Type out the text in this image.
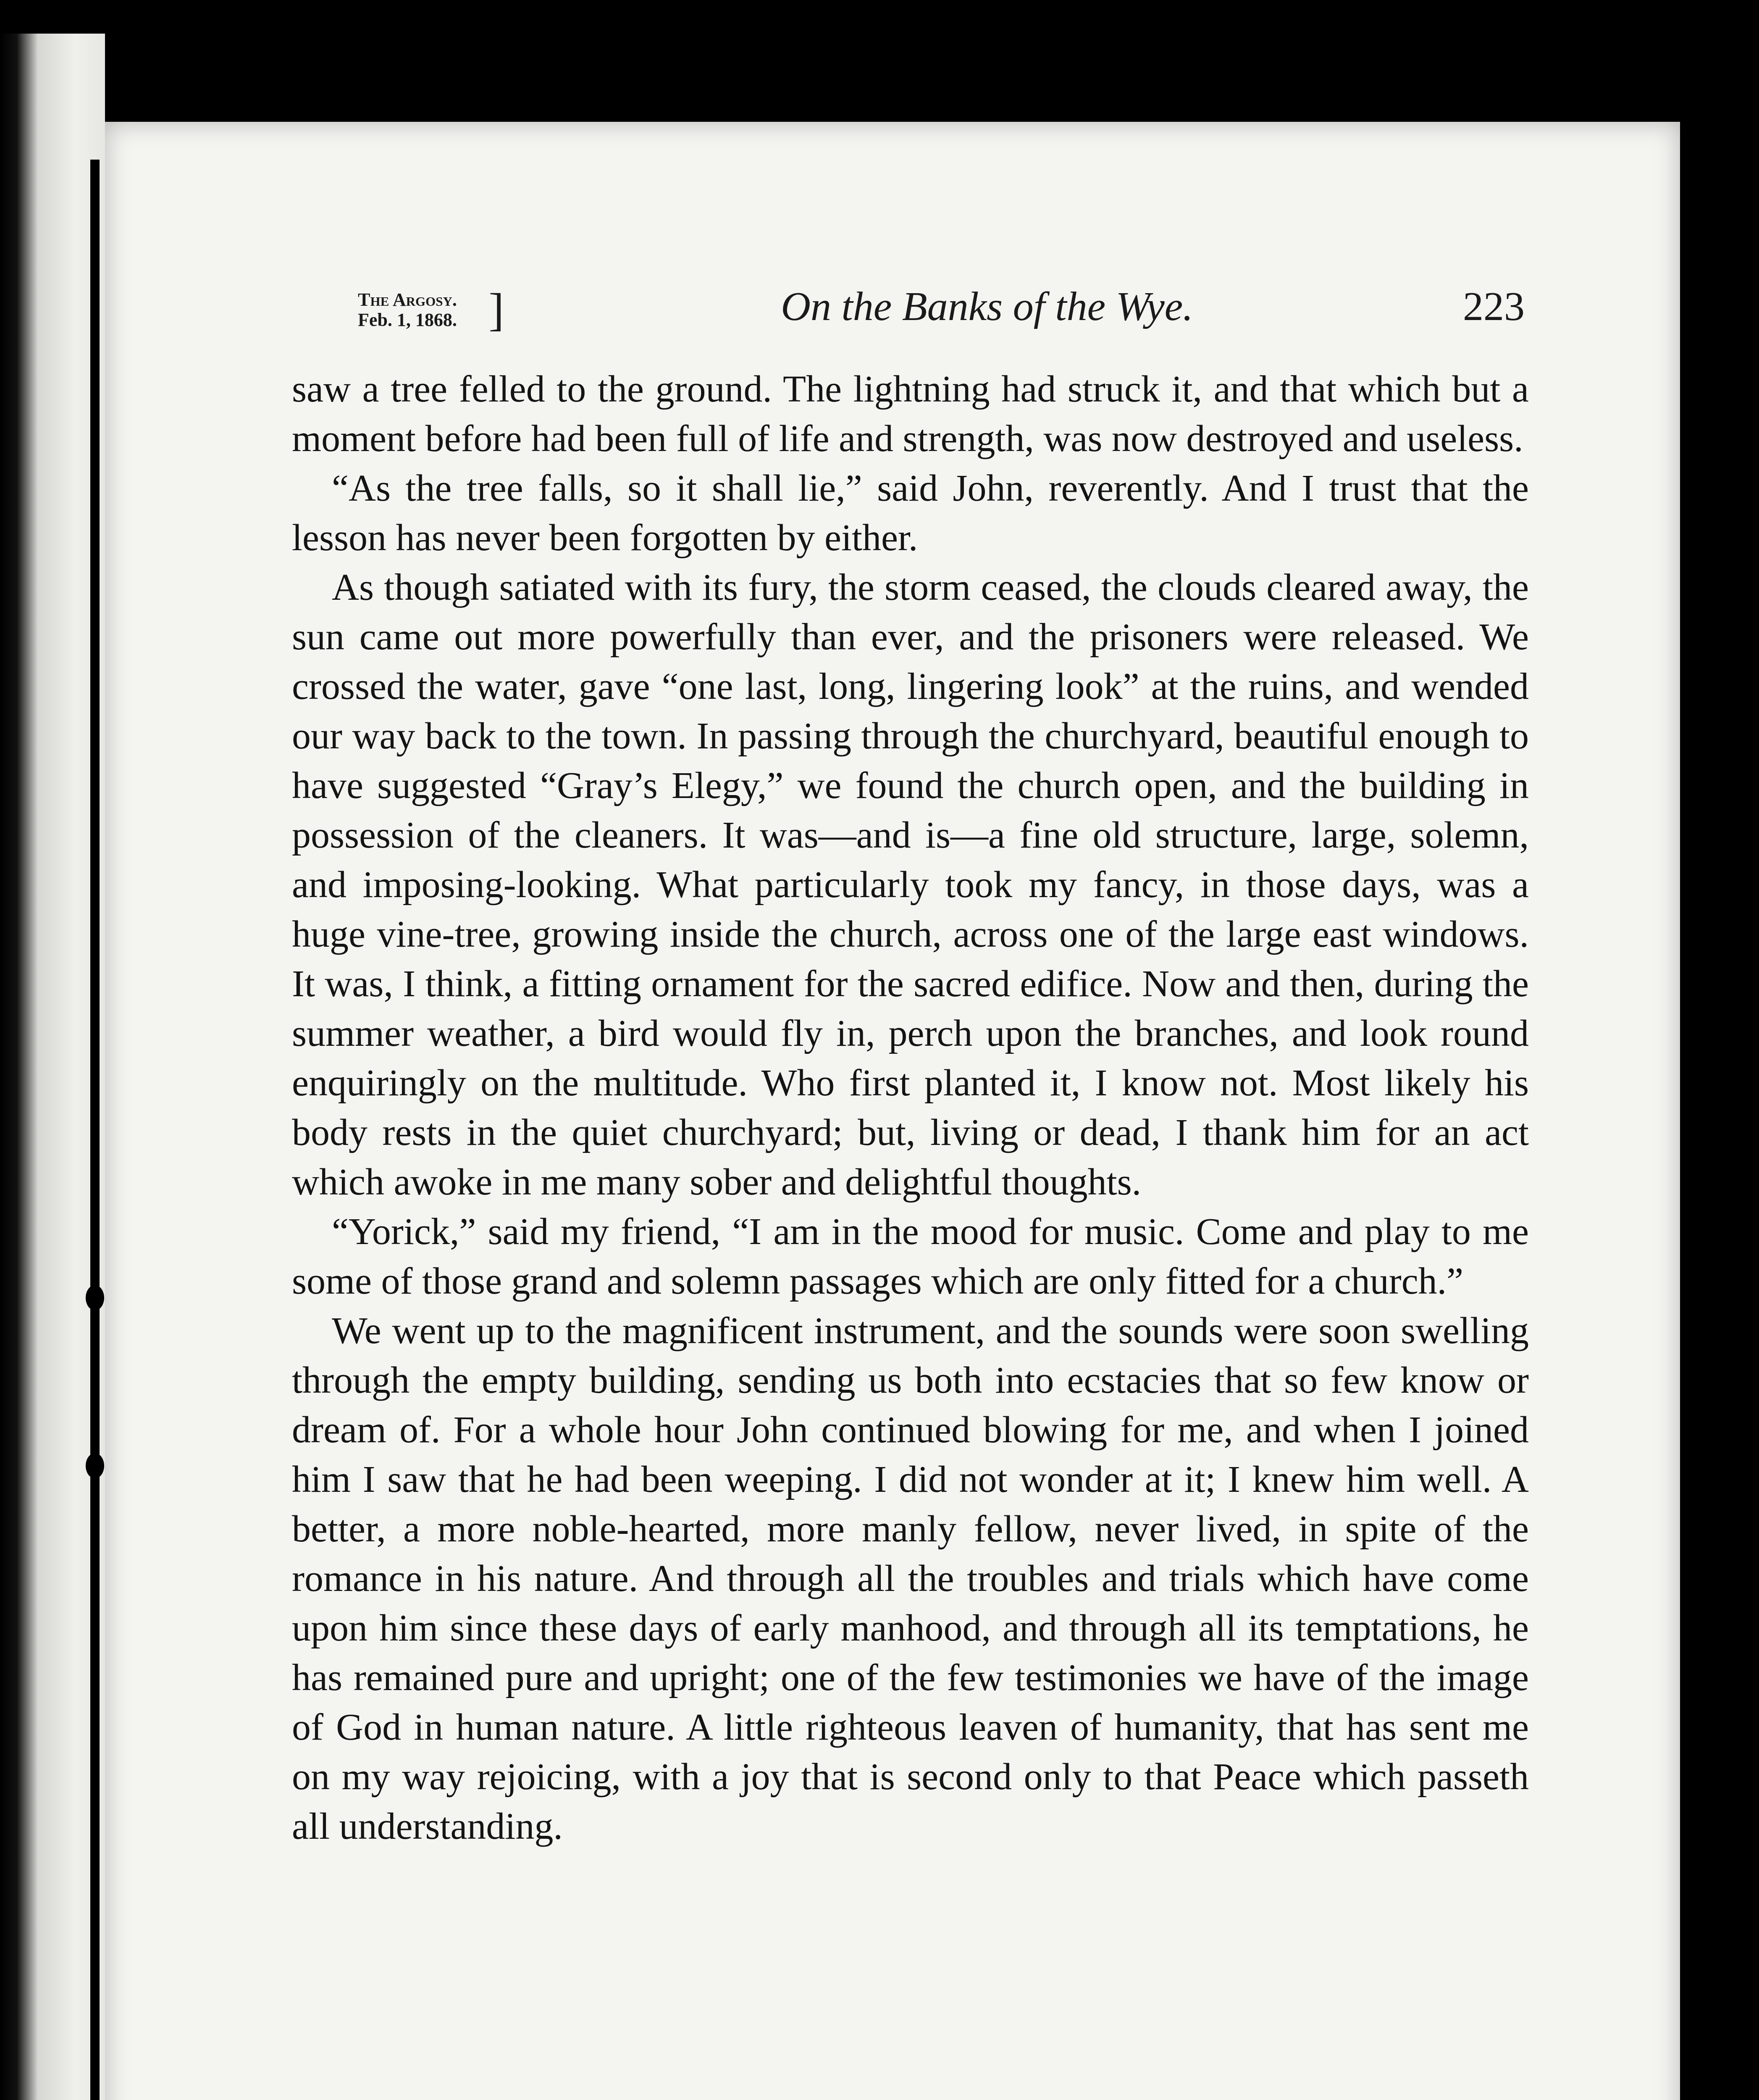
The Argosy.
Feb. 1, 1868. ]	On the Banks of the Wye.	223

saw a tree felled to the ground. The lightning had struck it, and that which but a moment before had been full of life and strength, was now destroyed and useless.

“As the tree falls, so it shall lie,” said John, reverently. And I trust that the lesson has never been forgotten by either.

As though satiated with its fury, the storm ceased, the clouds cleared away, the sun came out more powerfully than ever, and the prisoners were released. We crossed the water, gave “one last, long, lingering look” at the ruins, and wended our way back to the town. In passing through the churchyard, beautiful enough to have suggested “Gray’s Elegy,” we found the church open, and the building in possession of the cleaners. It was—and is—a fine old structure, large, solemn, and imposing-looking. What particularly took my fancy, in those days, was a huge vine-tree, growing inside the church, across one of the large east windows. It was, I think, a fitting ornament for the sacred edifice. Now and then, during the summer weather, a bird would fly in, perch upon the branches, and look round enquiringly on the multitude. Who first planted it, I know not. Most likely his body rests in the quiet churchyard; but, living or dead, I thank him for an act which awoke in me many sober and delightful thoughts.

“Yorick,” said my friend, “I am in the mood for music. Come and play to me some of those grand and solemn passages which are only fitted for a church.”

We went up to the magnificent instrument, and the sounds were soon swelling through the empty building, sending us both into ecstacies that so few know or dream of. For a whole hour John continued blowing for me, and when I joined him I saw that he had been weeping. I did not wonder at it; I knew him well. A better, a more noble-hearted, more manly fellow, never lived, in spite of the romance in his nature. And through all the troubles and trials which have come upon him since these days of early manhood, and through all its temptations, he has remained pure and upright; one of the few testimonies we have of the image of God in human nature. A little righteous leaven of humanity, that has sent me on my way rejoicing, with a joy that is second only to that Peace which passeth all understanding.
